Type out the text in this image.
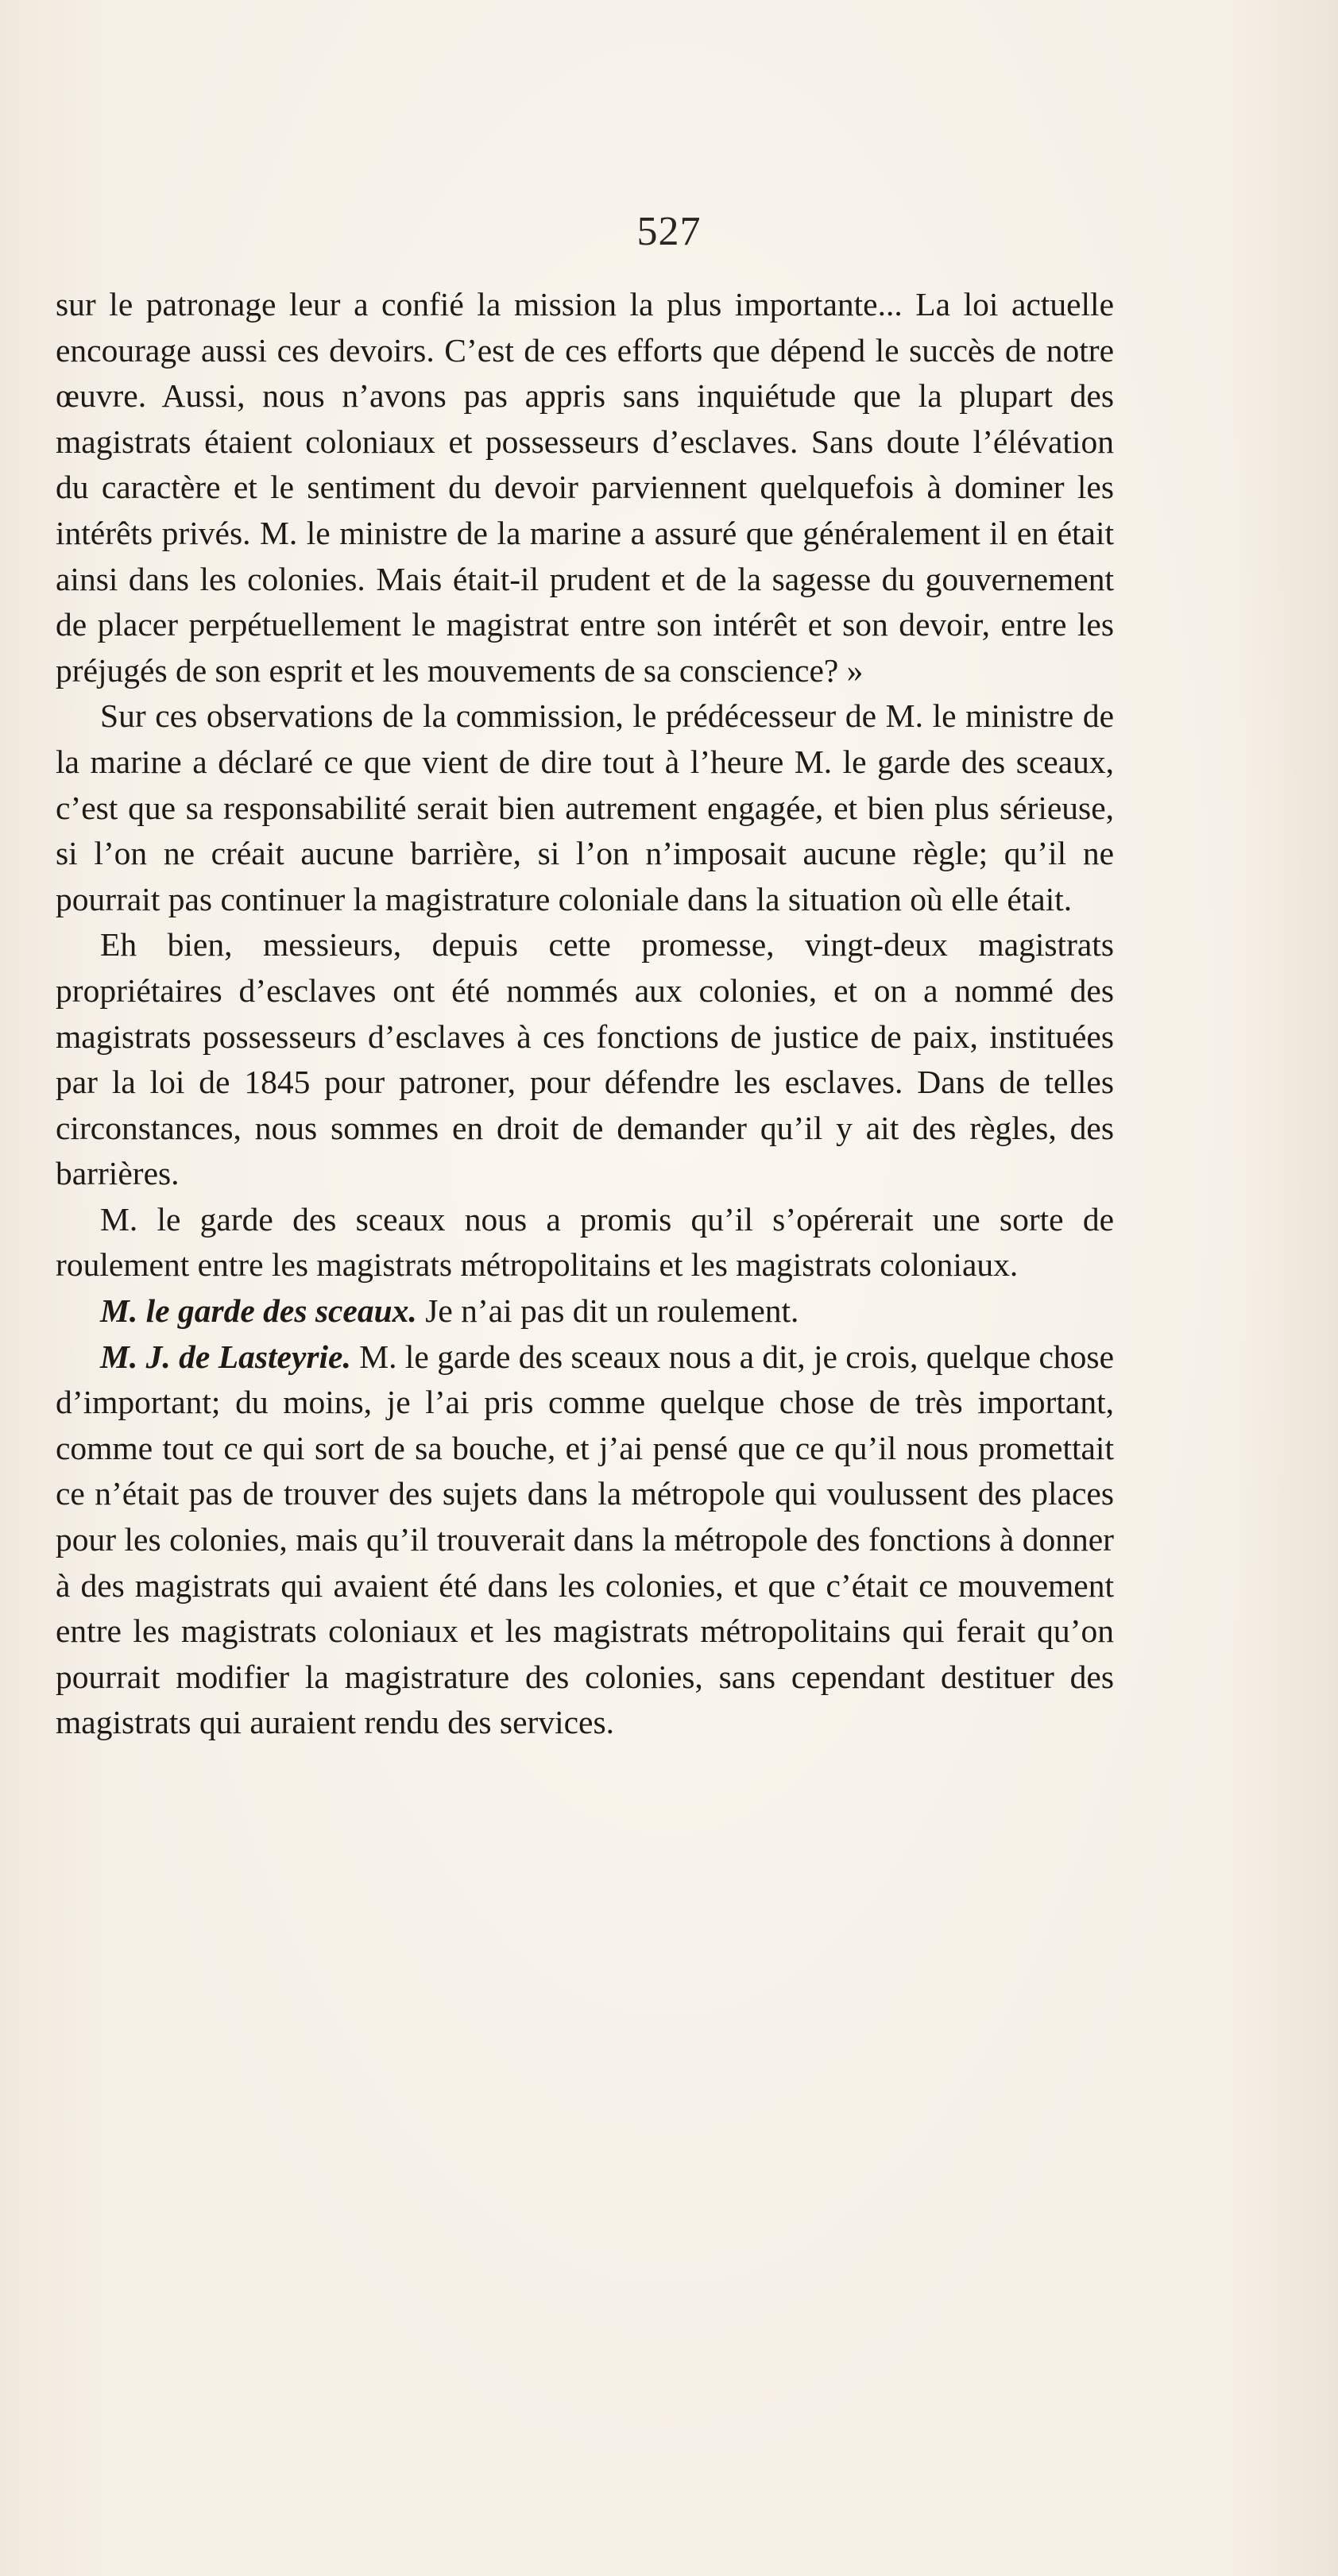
527

sur le patronage leur a confié la mission la plus importante... La loi actuelle encourage aussi ces devoirs. C’est de ces efforts que dépend le succès de notre œuvre. Aussi, nous n’avons pas appris sans inquiétude que la plupart des magistrats étaient coloniaux et possesseurs d’esclaves. Sans doute l’élévation du caractère et le sentiment du devoir parviennent quelquefois à dominer les intérêts privés. M. le ministre de la marine a assuré que généralement il en était ainsi dans les colonies. Mais était-il prudent et de la sagesse du gouvernement de placer perpétuellement le magistrat entre son intérêt et son devoir, entre les préjugés de son esprit et les mouvements de sa conscience? »

Sur ces observations de la commission, le prédécesseur de M. le ministre de la marine a déclaré ce que vient de dire tout à l’heure M. le garde des sceaux, c’est que sa responsabilité serait bien autrement engagée, et bien plus sérieuse, si l’on ne créait aucune barrière, si l’on n’imposait aucune règle; qu’il ne pourrait pas continuer la magistrature coloniale dans la situation où elle était.

Eh bien, messieurs, depuis cette promesse, vingt-deux magistrats propriétaires d’esclaves ont été nommés aux colonies, et on a nommé des magistrats possesseurs d’esclaves à ces fonctions de justice de paix, instituées par la loi de 1845 pour patroner, pour défendre les esclaves. Dans de telles circonstances, nous sommes en droit de demander qu’il y ait des règles, des barrières.

M. le garde des sceaux nous a promis qu’il s’opérerait une sorte de roulement entre les magistrats métropolitains et les magistrats coloniaux.

M. le garde des sceaux. Je n’ai pas dit un roulement.

M. J. de Lasteyrie. M. le garde des sceaux nous a dit, je crois, quelque chose d’important; du moins, je l’ai pris comme quelque chose de très important, comme tout ce qui sort de sa bouche, et j’ai pensé que ce qu’il nous promettait ce n’était pas de trouver des sujets dans la métropole qui voulussent des places pour les colonies, mais qu’il trouverait dans la métropole des fonctions à donner à des magistrats qui avaient été dans les colonies, et que c’était ce mouvement entre les magistrats coloniaux et les magistrats métropolitains qui ferait qu’on pourrait modifier la magistrature des colonies, sans cependant destituer des magistrats qui auraient rendu des services.
